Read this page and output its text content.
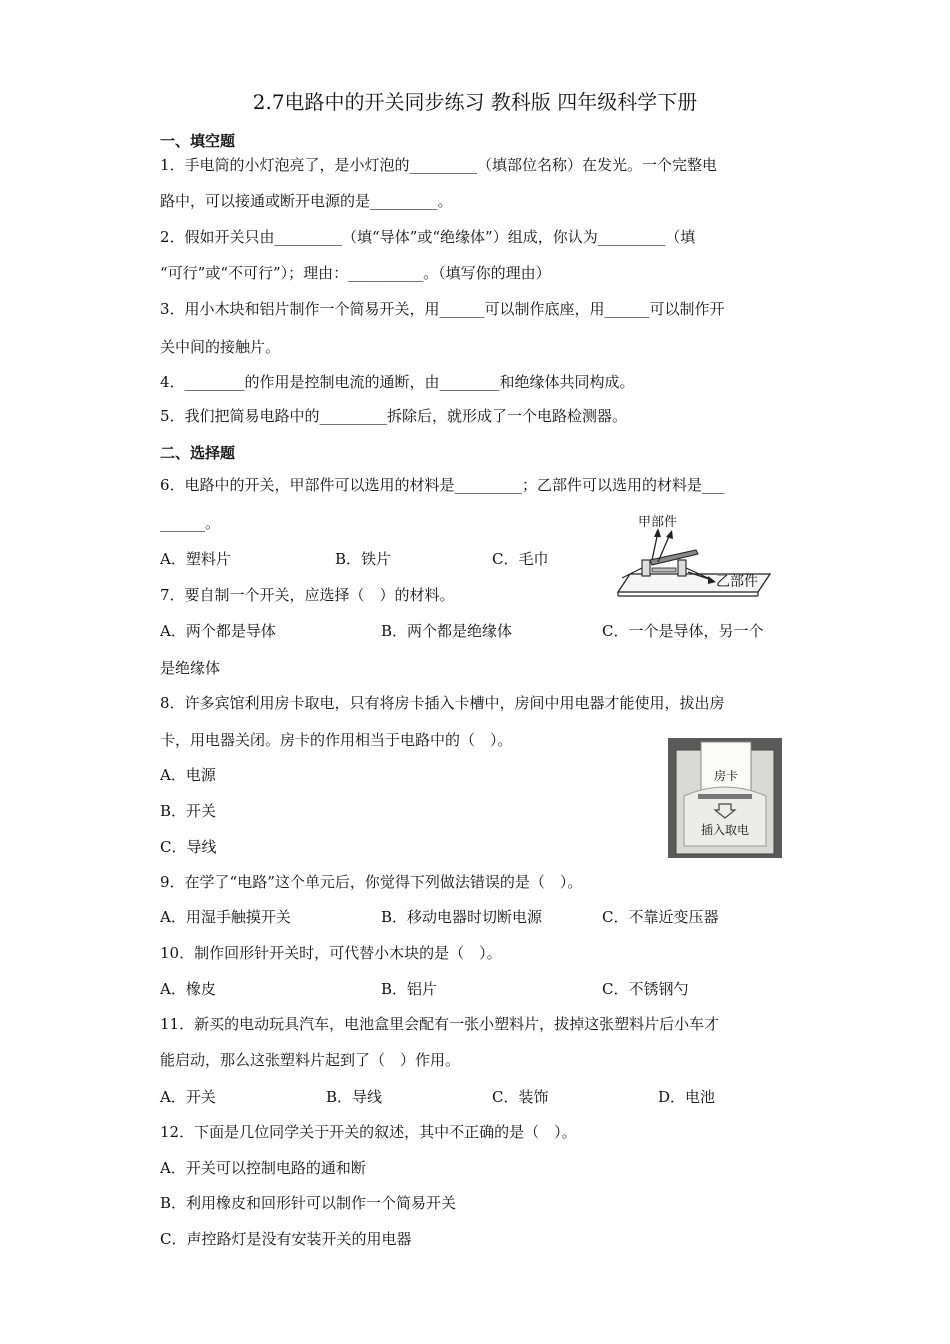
2.7电路中的开关同步练习 教科版 四年级科学下册
一、填空题
1．手电筒的小灯泡亮了，是小灯泡的_________（填部位名称）在发光。一个完整电
路中，可以接通或断开电源的是_________。
2．假如开关只由_________（填“导体”或“绝缘体”）组成，你认为_________（填
“可行”或“不可行”）；理由：__________。（填写你的理由）
3．用小木块和铝片制作一个简易开关，用______可以制作底座，用______可以制作开
关中间的接触片。
4．________的作用是控制电流的通断，由________和绝缘体共同构成。
5．我们把简易电路中的_________拆除后，就形成了一个电路检测器。
二、选择题
6．电路中的开关，甲部件可以选用的材料是_________；乙部件可以选用的材料是___
______。
A．塑料片	B．铁片	C．毛巾
甲部件
乙部件
7．要自制一个开关，应选择（　）的材料。
A．两个都是导体	B．两个都是绝缘体	C．一个是导体，另一个
是绝缘体
8．许多宾馆利用房卡取电，只有将房卡插入卡槽中，房间中用电器才能使用，拔出房
卡，用电器关闭。房卡的作用相当于电路中的（　）。
A．电源
B．开关
C．导线
房卡
插入取电
9．在学了“电路”这个单元后，你觉得下列做法错误的是（　）。
A．用湿手触摸开关	B．移动电器时切断电源	C．不靠近变压器
10．制作回形针开关时，可代替小木块的是（　）。
A．橡皮	B．铝片	C．不锈钢勺
11．新买的电动玩具汽车，电池盒里会配有一张小塑料片，拔掉这张塑料片后小车才
能启动，那么这张塑料片起到了（　）作用。
A．开关	B．导线	C．装饰	D．电池
12．下面是几位同学关于开关的叙述，其中不正确的是（　）。
A．开关可以控制电路的通和断
B．利用橡皮和回形针可以制作一个简易开关
C．声控路灯是没有安装开关的用电器
